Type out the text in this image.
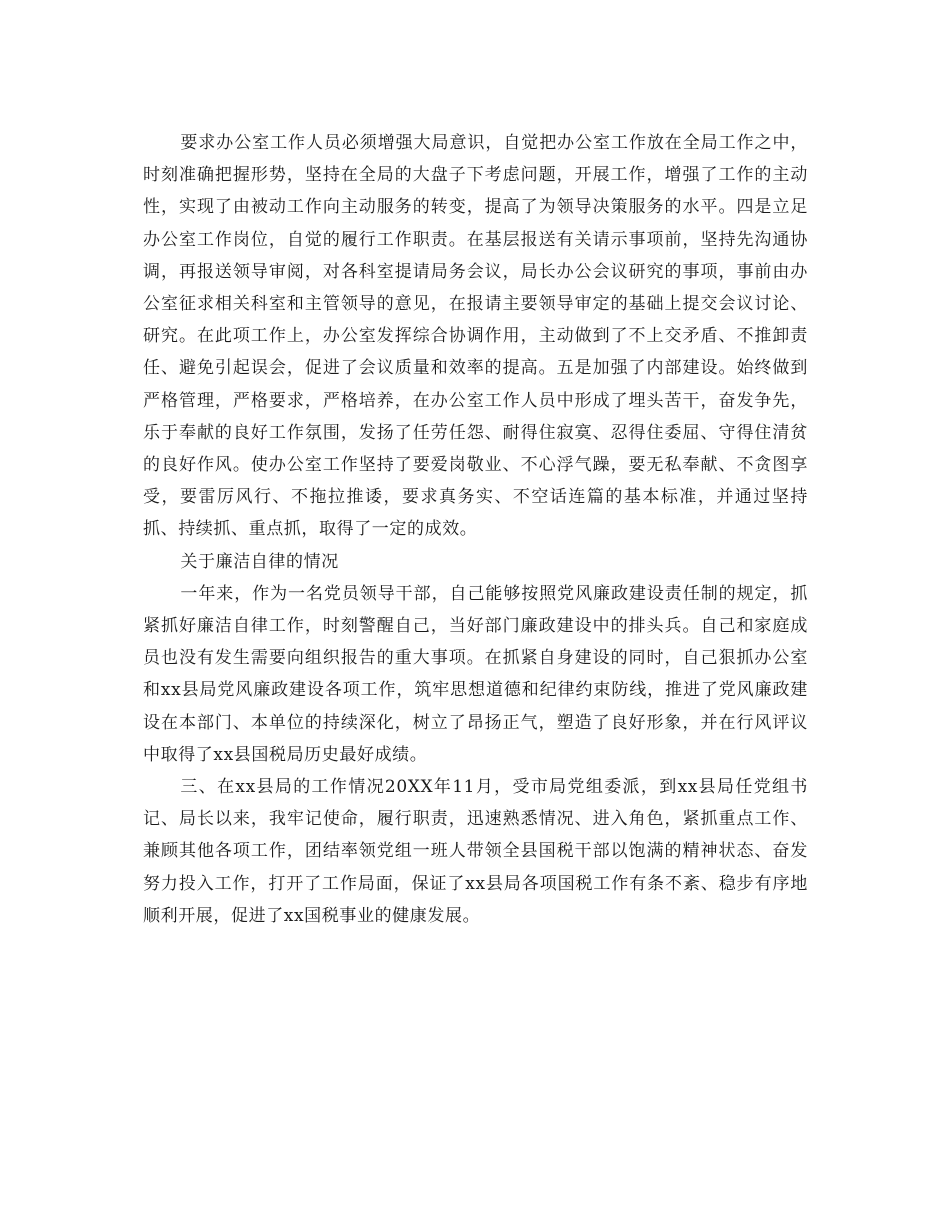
要求办公室工作人员必须增强大局意识，自觉把办公室工作放在全局工作之中，时刻准确把握形势，坚持在全局的大盘子下考虑问题，开展工作，增强了工作的主动性，实现了由被动工作向主动服务的转变，提高了为领导决策服务的水平。四是立足办公室工作岗位，自觉的履行工作职责。在基层报送有关请示事项前，坚持先沟通协调，再报送领导审阅，对各科室提请局务会议，局长办公会议研究的事项，事前由办公室征求相关科室和主管领导的意见，在报请主要领导审定的基础上提交会议讨论、研究。在此项工作上，办公室发挥综合协调作用，主动做到了不上交矛盾、不推卸责任、避免引起误会，促进了会议质量和效率的提高。五是加强了内部建设。始终做到严格管理，严格要求，严格培养，在办公室工作人员中形成了埋头苦干，奋发争先，乐于奉献的良好工作氛围，发扬了任劳任怨、耐得住寂寞、忍得住委屈、守得住清贫的良好作风。使办公室工作坚持了要爱岗敬业、不心浮气躁，要无私奉献、不贪图享受，要雷厉风行、不拖拉推诿，要求真务实、不空话连篇的基本标准，并通过坚持抓、持续抓、重点抓，取得了一定的成效。

关于廉洁自律的情况

一年来，作为一名党员领导干部，自己能够按照党风廉政建设责任制的规定，抓紧抓好廉洁自律工作，时刻警醒自己，当好部门廉政建设中的排头兵。自己和家庭成员也没有发生需要向组织报告的重大事项。在抓紧自身建设的同时，自己狠抓办公室和xx县局党风廉政建设各项工作，筑牢思想道德和纪律约束防线，推进了党风廉政建设在本部门、本单位的持续深化，树立了昂扬正气，塑造了良好形象，并在行风评议中取得了xx县国税局历史最好成绩。

三、在xx县局的工作情况20XX年11月，受市局党组委派，到xx县局任党组书记、局长以来，我牢记使命，履行职责，迅速熟悉情况、进入角色，紧抓重点工作、兼顾其他各项工作，团结率领党组一班人带领全县国税干部以饱满的精神状态、奋发努力投入工作，打开了工作局面，保证了xx县局各项国税工作有条不紊、稳步有序地顺利开展，促进了xx国税事业的健康发展。
